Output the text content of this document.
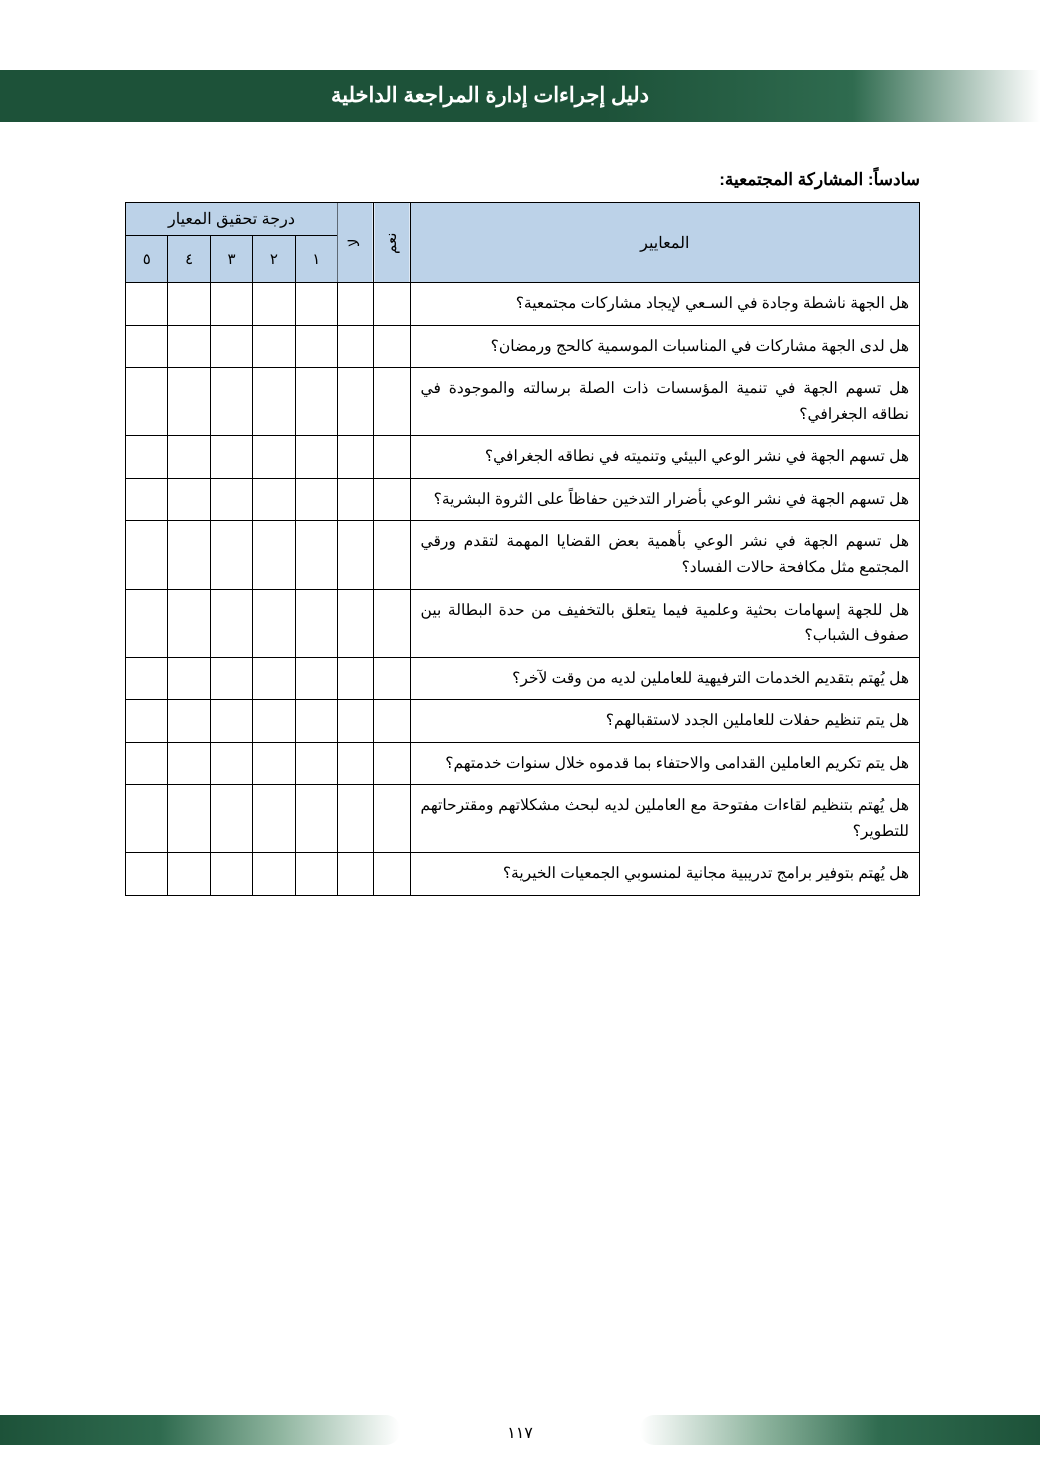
دليل إجراءات إدارة المراجعة الداخلية
سادساً: المشاركة المجتمعية:
المعايير	نعم	لا	درجة تحقيق المعيار				
			١	٢	٣	٤	٥
هل الجهة ناشطة وجادة في السـعي لإيجاد مشاركات مجتمعية؟							
هل لدى الجهة مشاركات في المناسبات الموسمية كالحج ورمضان؟							
هل تسهم الجهة في تنمية المؤسسات ذات الصلة برسالته والموجودة في نطاقه الجغرافي؟							
هل تسهم الجهة في نشر الوعي البيئي وتنميته في نطاقه الجغرافي؟							
هل تسهم الجهة في نشر الوعي بأضرار التدخين حفاظاً على الثروة البشرية؟							
هل تسهم الجهة في نشر الوعي بأهمية بعض القضايا المهمة لتقدم ورقي المجتمع مثل مكافحة حالات الفساد؟							
هل للجهة إسهامات بحثية وعلمية فيما يتعلق بالتخفيف من حدة البطالة بين صفوف الشباب؟							
هل يُهتم بتقديم الخدمات الترفيهية للعاملين لديه من وقت لآخر؟							
هل يتم تنظيم حفلات للعاملين الجدد لاستقبالهم؟							
هل يتم تكريم العاملين القدامى والاحتفاء بما قدموه خلال سنوات خدمتهم؟							
هل يُهتم بتنظيم لقاءات مفتوحة مع العاملين لديه لبحث مشكلاتهم ومقترحاتهم للتطوير؟							
هل يُهتم بتوفير برامج تدريبية مجانية لمنسوبي الجمعيات الخيرية؟							
١١٧
